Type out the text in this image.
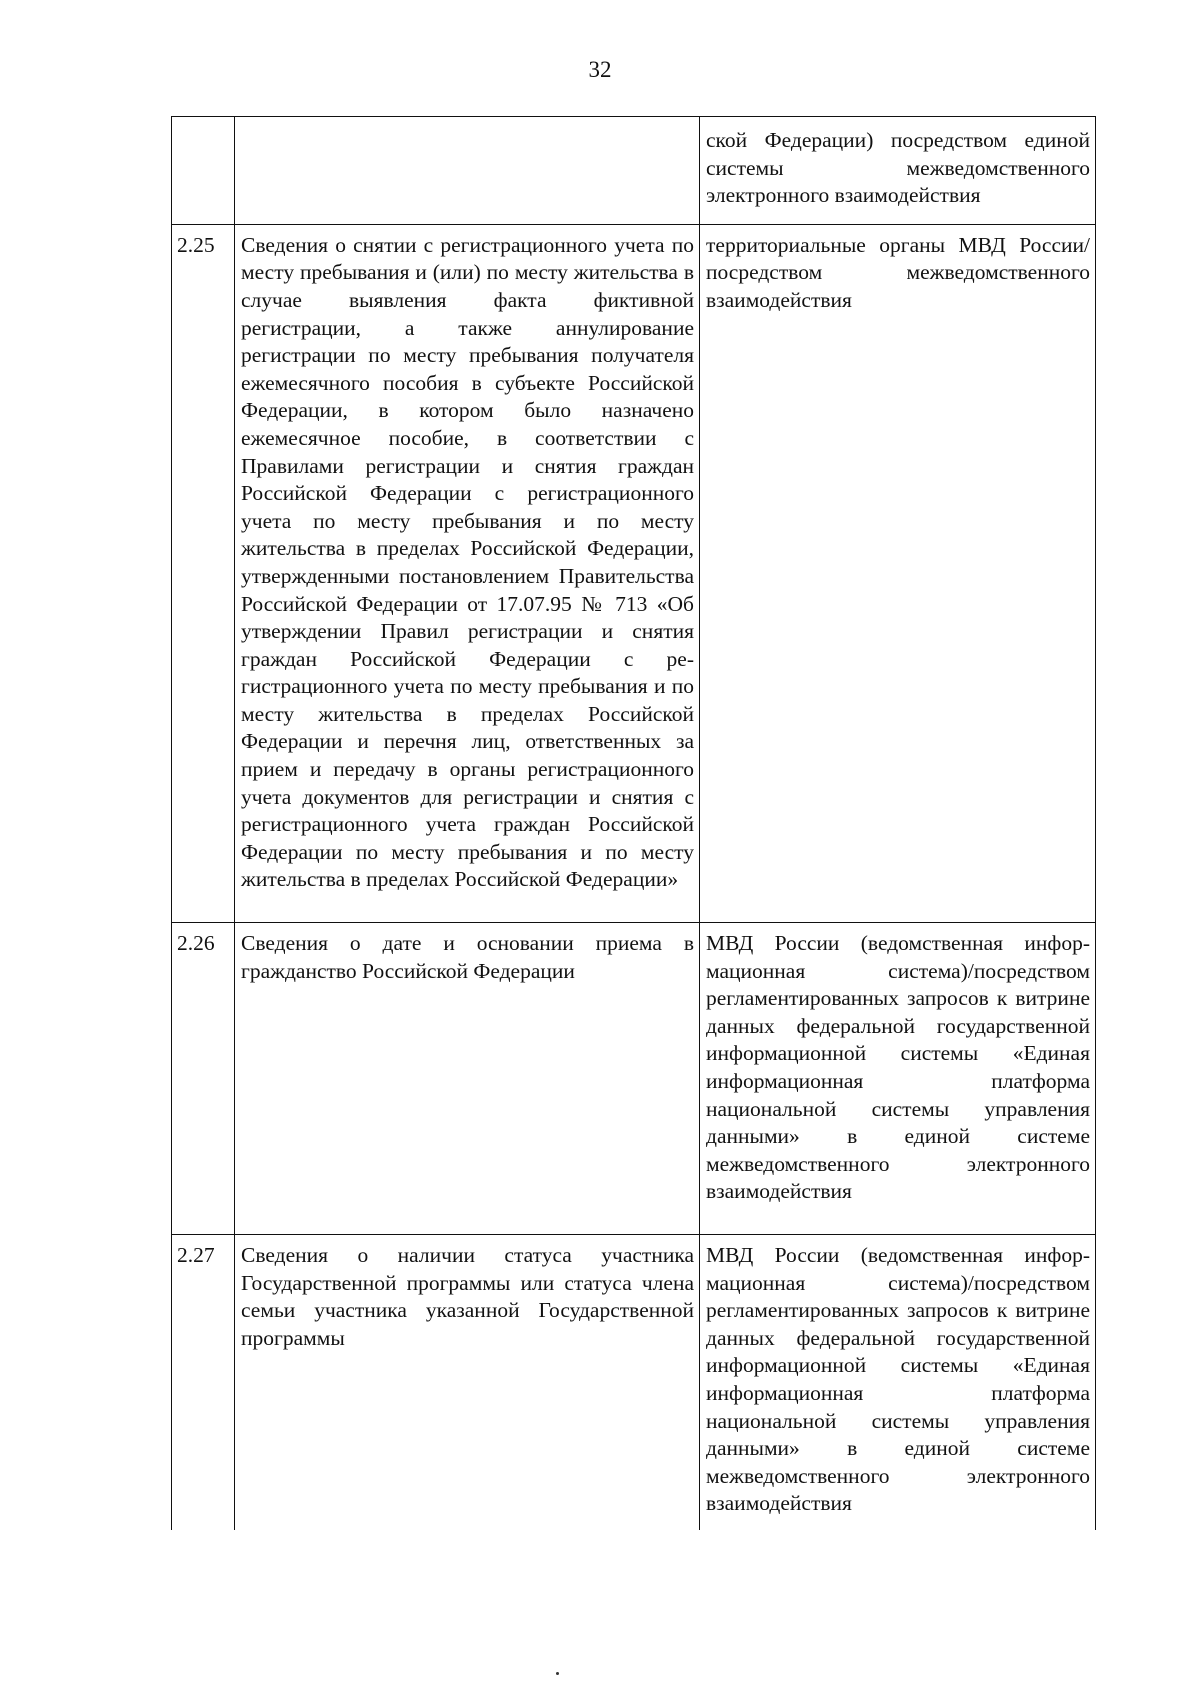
32
		ской Федерации) посредством единой системы межведомственного электронного взаимодействия
2.25	Сведения о снятии с регистрационного учета по месту пребывания и (или) по месту жительства в случае выявления факта фиктивной регистрации, а также аннулирование регистрации по месту пребывания получателя ежемесячного пособия в субъекте Российской Федерации, в котором было назначено ежемесячное пособие, в соответствии с Правилами регистрации и снятия граждан Российской Федерации с регистрационного учета по месту пребывания и по месту жительства в пределах Российской Федерации, утвержденными постановлением Правительства Российской Федерации от 17.07.95 № 713 «Об утверждении Правил регистрации и снятия граждан Российской Федерации с регистрационного учета по месту пребывания и по месту жительства в пределах Российской Федерации и перечня лиц, ответственных за прием и передачу в органы регистрационного учета документов для регистрации и снятия с регистрационного учета граждан Российской Федерации по месту пребывания и по месту жительства в пределах Российской Федерации»	территориальные органы МВД России/посредством межведомственного взаимодействия
2.26	Сведения о дате и основании приема в гражданство Российской Федерации	МВД России (ведомственная информационная система)/посредством регламентированных запросов к витрине данных федеральной государственной информационной системы «Единая информационная платформа национальной системы управления данными» в единой системе межведомственного электронного взаимодействия
2.27	Сведения о наличии статуса участника Государственной программы или статуса члена семьи участника указанной Государственной программы	МВД России (ведомственная информационная система)/посредством регламентированных запросов к витрине данных федеральной государственной информационной системы «Единая информационная платформа национальной системы управления данными» в единой системе межведомственного электронного взаимодействия
